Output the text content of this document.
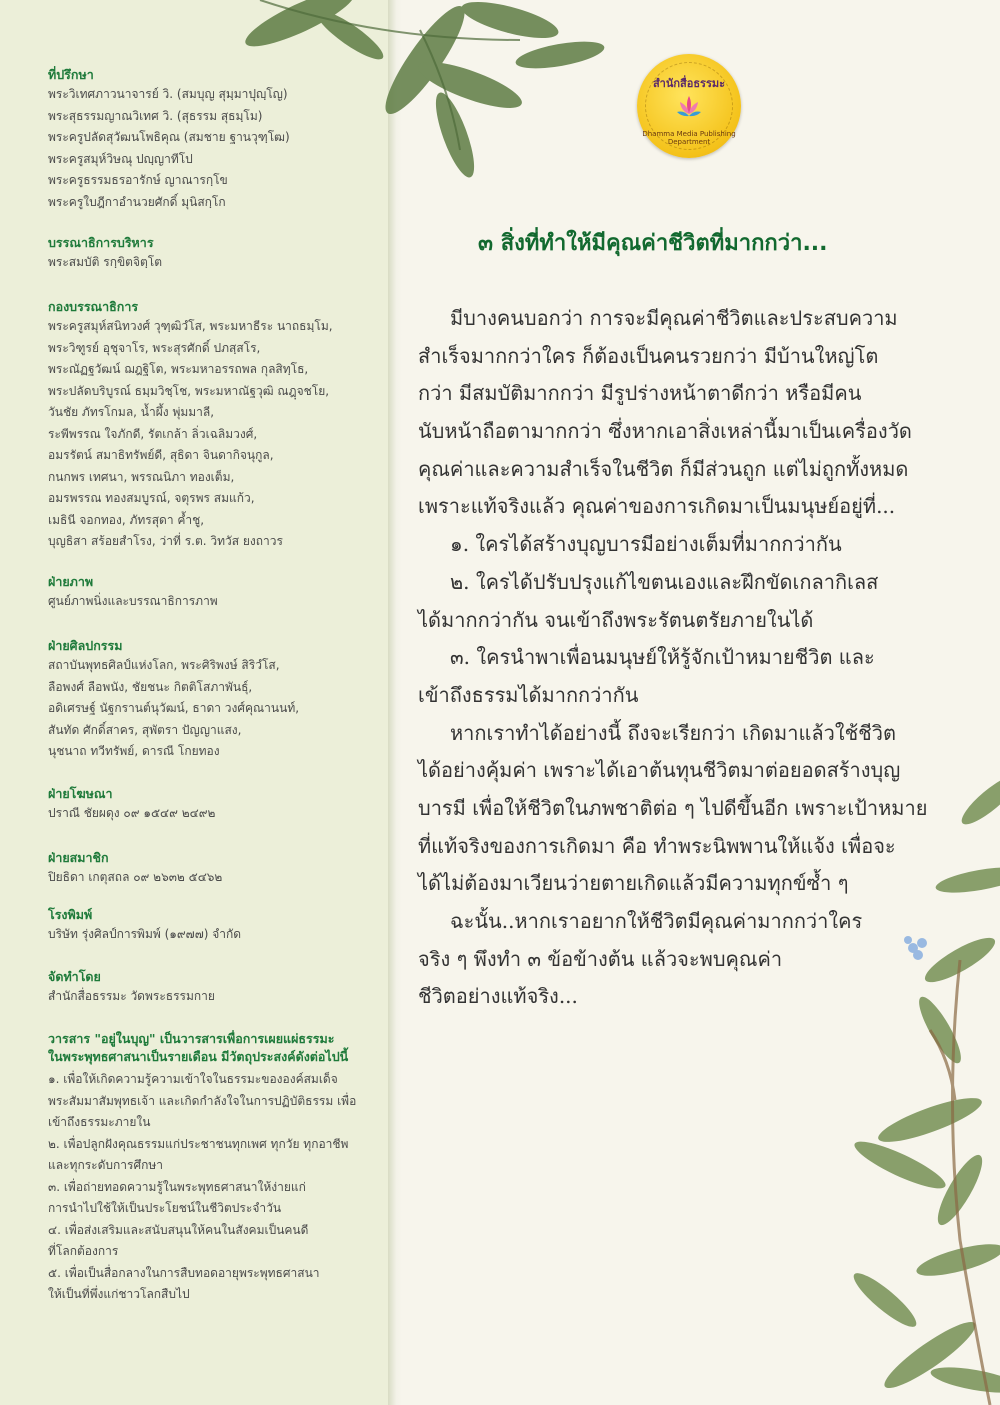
ที่ปรึกษา
พระวิเทศภาวนาจารย์ วิ. (สมบุญ สุมฺมาปุญฺโญ)
พระสุธรรมญาณวิเทศ วิ. (สุธรรม สุธมฺโม)
พระครูปลัดสุวัฒนโพธิคุณ (สมชาย ฐานวุฑฺโฒ)
พระครูสมุห์วิษณุ ปญฺญาทีโป
พระครูธรรมธรอารักษ์ ญาณารกฺโข
พระครูใบฎีกาอำนวยศักดิ์ มุนิสกฺโก
บรรณาธิการบริหาร
พระสมบัติ รกฺขิตจิตฺโต
กองบรรณาธิการ
พระครูสมุห์สนิทวงศ์ วุฑฺฒิวํโส, พระมหาธีระ นาถธมฺโม,
พระวิฑูรย์ อุชุจาโร, พระสุรศักดิ์ ปภสฺสโร,
พระณัฏฐวัฒน์ ฌฎฐิโต, พระมหาอรรถพล กุลสิทฺโธ,
พระปลัดบริบูรณ์ ธมฺมวิชฺโช, พระมหาณัฐวุฒิ ณฎฺจชโย,
วันชัย ภัทรโกมล, น้ำผึ้ง พุ่มมาลี,
ระพีพรรณ ใจภักดี, รัตเกล้า ลิ่วเฉลิมวงศ์,
อมรรัตน์ สมาธิทรัพย์ดี, สุธิดา จินดากิจนุกูล,
กนกพร เทศนา, พรรณนิภา ทองเต็ม,
อมรพรรณ ทองสมบูรณ์, จตุรพร สมแก้ว,
เมธินี จอกทอง, ภัทรสุดา ค้ำชู,
บุญธิสา สร้อยสำโรง, ว่าที่ ร.ต. วิทวัส ยงถาวร
ฝ่ายภาพ
ศูนย์ภาพนิ่งและบรรณาธิการภาพ
ฝ่ายศิลปกรรม
สถาบันพุทธศิลป์แห่งโลก, พระศิริพงษ์ สิริวํโส,
ลือพงศ์ ลือพนัง, ชัยชนะ กิตติโสภาพันธุ์,
อดิเศรษฐ์ นัฐกรานต์นุวัฒน์, ธาดา วงศ์คุณานนท์,
สันทัด ศักดิ์สาคร, สุพัตรา ปัญญาแสง,
นุชนาถ ทวีทรัพย์, ดารณี โกยทอง
ฝ่ายโฆษณา
ปราณี ชัยผดุง ๐๙ ๑๕๔๙ ๒๔๙๒
ฝ่ายสมาชิก
ปิยธิดา เกตุสถล ๐๙ ๒๖๓๒ ๕๔๖๒
โรงพิมพ์
บริษัท รุ่งศิลป์การพิมพ์ (๑๙๗๗) จำกัด
จัดทำโดย
สำนักสื่อธรรมะ วัดพระธรรมกาย
วารสาร "อยู่ในบุญ" เป็นวารสารเพื่อการเผยแผ่ธรรมะ
ในพระพุทธศาสนาเป็นรายเดือน มีวัตถุประสงค์ดังต่อไปนี้
๑. เพื่อให้เกิดความรู้ความเข้าใจในธรรมะขององค์สมเด็จ
พระสัมมาสัมพุทธเจ้า และเกิดกำลังใจในการปฏิบัติธรรม เพื่อ
เข้าถึงธรรมะภายใน
๒. เพื่อปลูกฝังคุณธรรมแก่ประชาชนทุกเพศ ทุกวัย ทุกอาชีพ
และทุกระดับการศึกษา
๓. เพื่อถ่ายทอดความรู้ในพระพุทธศาสนาให้ง่ายแก่
การนำไปใช้ให้เป็นประโยชน์ในชีวิตประจำวัน
๔. เพื่อส่งเสริมและสนับสนุนให้คนในสังคมเป็นคนดี
ที่โลกต้องการ
๕. เพื่อเป็นสื่อกลางในการสืบทอดอายุพระพุทธศาสนา
ให้เป็นที่พึ่งแก่ชาวโลกสืบไป
สำนักสื่อธรรมะ
Dhamma Media Publishing Department
๓ สิ่งที่ทำให้มีคุณค่าชีวิตที่มากกว่า...
มีบางคนบอกว่า การจะมีคุณค่าชีวิตและประสบความ
สำเร็จมากกว่าใคร ก็ต้องเป็นคนรวยกว่า มีบ้านใหญ่โต
กว่า มีสมบัติมากกว่า มีรูปร่างหน้าตาดีกว่า หรือมีคน
นับหน้าถือตามากกว่า ซึ่งหากเอาสิ่งเหล่านี้มาเป็นเครื่องวัด
คุณค่าและความสำเร็จในชีวิต ก็มีส่วนถูก แต่ไม่ถูกทั้งหมด
เพราะแท้จริงแล้ว คุณค่าของการเกิดมาเป็นมนุษย์อยู่ที่...
๑. ใครได้สร้างบุญบารมีอย่างเต็มที่มากกว่ากัน
๒. ใครได้ปรับปรุงแก้ไขตนเองและฝึกขัดเกลากิเลส
ได้มากกว่ากัน จนเข้าถึงพระรัตนตรัยภายในได้
๓. ใครนำพาเพื่อนมนุษย์ให้รู้จักเป้าหมายชีวิต และ
เข้าถึงธรรมได้มากกว่ากัน
หากเราทำได้อย่างนี้ ถึงจะเรียกว่า เกิดมาแล้วใช้ชีวิต
ได้อย่างคุ้มค่า เพราะได้เอาต้นทุนชีวิตมาต่อยอดสร้างบุญ
บารมี เพื่อให้ชีวิตในภพชาติต่อ ๆ ไปดีขึ้นอีก เพราะเป้าหมาย
ที่แท้จริงของการเกิดมา คือ ทำพระนิพพานให้แจ้ง เพื่อจะ
ได้ไม่ต้องมาเวียนว่ายตายเกิดแล้วมีความทุกข์ซ้ำ ๆ
ฉะนั้น..หากเราอยากให้ชีวิตมีคุณค่ามากกว่าใคร
จริง ๆ พึงทำ ๓ ข้อข้างต้น แล้วจะพบคุณค่า
ชีวิตอย่างแท้จริง...
